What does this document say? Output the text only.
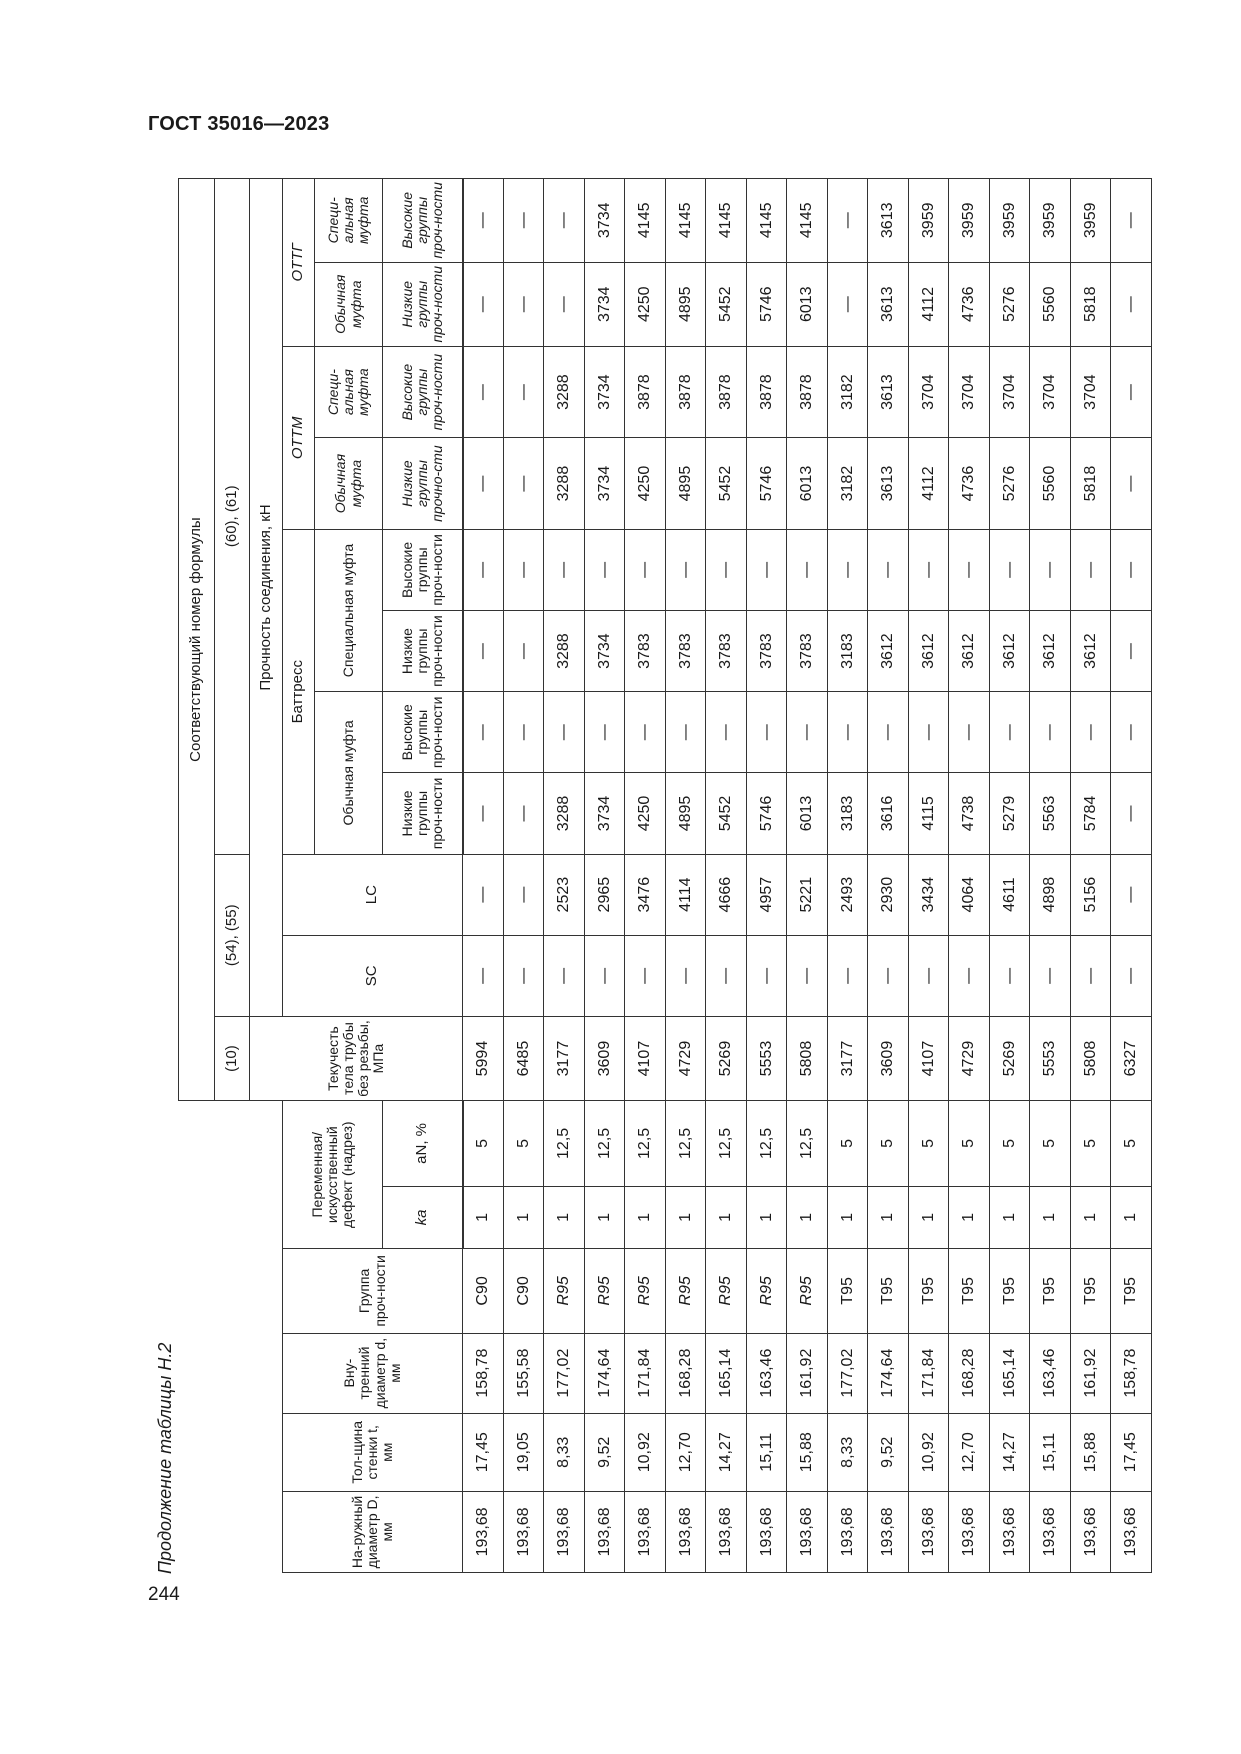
ГОСТ 35016—2023
244
Продолжение таблицы Н.2
						Соответствующий номер формулы										
						(10)	(54), (55)		(60), (61)							
						Текучесть тела трубы без резьбы, МПа	Прочность соединения, кН									
На-ружный диаметр D, мм	Тол-щина стенки t, мм	Вну-тренний диаметр d, мм	Группа проч-ности	Переменная/ искусственный дефект (надрез)			SC	LC	Баттресс				ОТТМ		ОТТГ	
									Обычная муфта		Специальная муфта		Обычная муфта	Специ-альная муфта	Обычная муфта	Специ-альная муфта
				ka	aN, %				Низкие группы проч-ности	Высокие группы проч-ности	Низкие группы проч-ности	Высокие группы проч-ности	Низкие группы прочно-сти	Высокие группы проч-ности	Низкие группы проч-ности	Высокие группы проч-ности
193,68	17,45	158,78	C90	1	5	5994	—	—	—	—	—	—	—	—	—	—
193,68	19,05	155,58	C90	1	5	6485	—	—	—	—	—	—	—	—	—	—
193,68	8,33	177,02	R95	1	12,5	3177	—	2523	3288	—	3288	—	3288	3288	—	—
193,68	9,52	174,64	R95	1	12,5	3609	—	2965	3734	—	3734	—	3734	3734	3734	3734
193,68	10,92	171,84	R95	1	12,5	4107	—	3476	4250	—	3783	—	4250	3878	4250	4145
193,68	12,70	168,28	R95	1	12,5	4729	—	4114	4895	—	3783	—	4895	3878	4895	4145
193,68	14,27	165,14	R95	1	12,5	5269	—	4666	5452	—	3783	—	5452	3878	5452	4145
193,68	15,11	163,46	R95	1	12,5	5553	—	4957	5746	—	3783	—	5746	3878	5746	4145
193,68	15,88	161,92	R95	1	12,5	5808	—	5221	6013	—	3783	—	6013	3878	6013	4145
193,68	8,33	177,02	T95	1	5	3177	—	2493	3183	—	3183	—	3182	3182	—	—
193,68	9,52	174,64	T95	1	5	3609	—	2930	3616	—	3612	—	3613	3613	3613	3613
193,68	10,92	171,84	T95	1	5	4107	—	3434	4115	—	3612	—	4112	3704	4112	3959
193,68	12,70	168,28	T95	1	5	4729	—	4064	4738	—	3612	—	4736	3704	4736	3959
193,68	14,27	165,14	T95	1	5	5269	—	4611	5279	—	3612	—	5276	3704	5276	3959
193,68	15,11	163,46	T95	1	5	5553	—	4898	5563	—	3612	—	5560	3704	5560	3959
193,68	15,88	161,92	T95	1	5	5808	—	5156	5784	—	3612	—	5818	3704	5818	3959
193,68	17,45	158,78	T95	1	5	6327	—	—	—	—	—	—	—	—	—	—
